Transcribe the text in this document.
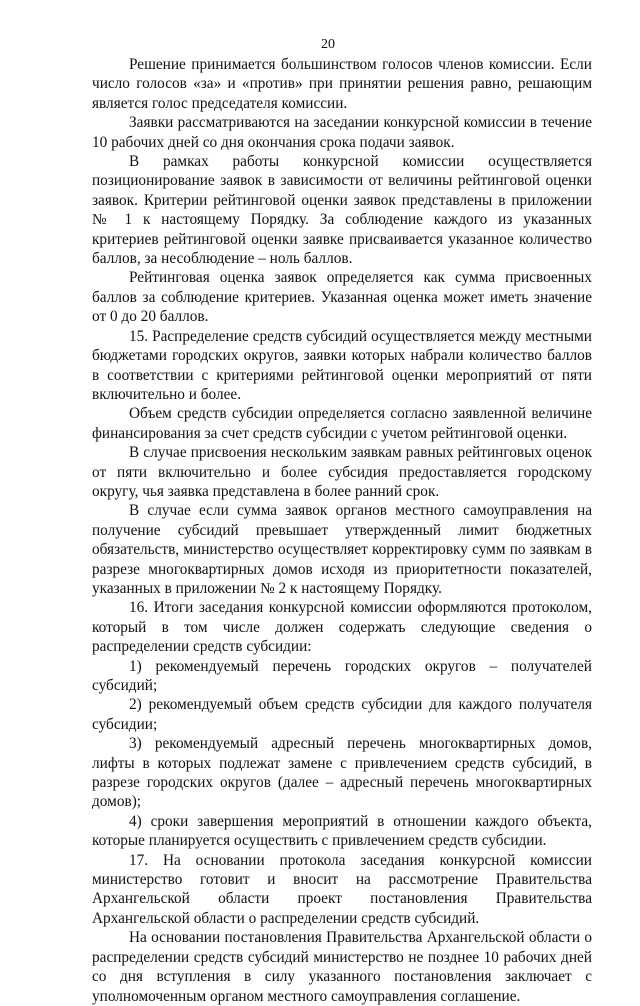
20

Решение принимается большинством голосов членов комиссии. Если число голосов «за» и «против» при принятии решения равно, решающим является голос председателя комиссии.

Заявки рассматриваются на заседании конкурсной комиссии в течение 10 рабочих дней со дня окончания срока подачи заявок.

В рамках работы конкурсной комиссии осуществляется позиционирование заявок в зависимости от величины рейтинговой оценки заявок. Критерии рейтинговой оценки заявок представлены в приложении № 1 к настоящему Порядку. За соблюдение каждого из указанных критериев рейтинговой оценки заявке присваивается указанное количество баллов, за несоблюдение – ноль баллов.

Рейтинговая оценка заявок определяется как сумма присвоенных баллов за соблюдение критериев. Указанная оценка может иметь значение от 0 до 20 баллов.

15. Распределение средств субсидий осуществляется между местными бюджетами городских округов, заявки которых набрали количество баллов в соответствии с критериями рейтинговой оценки мероприятий от пяти включительно и более.

Объем средств субсидии определяется согласно заявленной величине финансирования за счет средств субсидии с учетом рейтинговой оценки.

В случае присвоения нескольким заявкам равных рейтинговых оценок от пяти включительно и более субсидия предоставляется городскому округу, чья заявка представлена в более ранний срок.

В случае если сумма заявок органов местного самоуправления на получение субсидий превышает утвержденный лимит бюджетных обязательств, министерство осуществляет корректировку сумм по заявкам в разрезе многоквартирных домов исходя из приоритетности показателей, указанных в приложении № 2 к настоящему Порядку.

16. Итоги заседания конкурсной комиссии оформляются протоколом, который в том числе должен содержать следующие сведения о распределении средств субсидии:

1) рекомендуемый перечень городских округов – получателей субсидий;

2) рекомендуемый объем средств субсидии для каждого получателя субсидии;

3) рекомендуемый адресный перечень многоквартирных домов, лифты в которых подлежат замене с привлечением средств субсидий, в разрезе городских округов (далее – адресный перечень многоквартирных домов);

4) сроки завершения мероприятий в отношении каждого объекта, которые планируется осуществить с привлечением средств субсидии.

17. На основании протокола заседания конкурсной комиссии министерство готовит и вносит на рассмотрение Правительства Архангельской области проект постановления Правительства Архангельской области о распределении средств субсидий.

На основании постановления Правительства Архангельской области о распределении средств субсидий министерство не позднее 10 рабочих дней со дня вступления в силу указанного постановления заключает с уполномоченным органом местного самоуправления соглашение.
